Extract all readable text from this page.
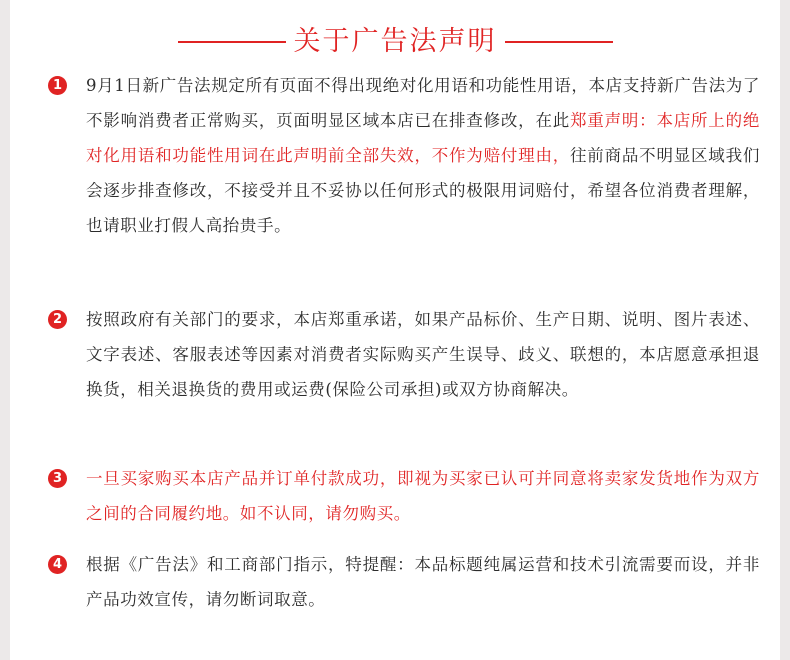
关于广告法声明
1	9月1日新广告法规定所有页面不得出现绝对化用语和功能性用语，本店支持新广告法为了不影响消费者正常购买，页面明显区域本店已在排查修改，在此郑重声明：本店所上的绝对化用语和功能性用词在此声明前全部失效，不作为赔付理由，往前商品不明显区域我们会逐步排查修改，不接受并且不妥协以任何形式的极限用词赔付，希望各位消费者理解，也请职业打假人高抬贵手。
2	按照政府有关部门的要求，本店郑重承诺，如果产品标价、生产日期、说明、图片表述、文字表述、客服表述等因素对消费者实际购买产生误导、歧义、联想的，本店愿意承担退换货，相关退换货的费用或运费(保险公司承担)或双方协商解决。
3	一旦买家购买本店产品并订单付款成功，即视为买家已认可并同意将卖家发货地作为双方之间的合同履约地。如不认同，请勿购买。
4	根据《广告法》和工商部门指示，特提醒：本品标题纯属运营和技术引流需要而设，并非产品功效宣传，请勿断词取意。
